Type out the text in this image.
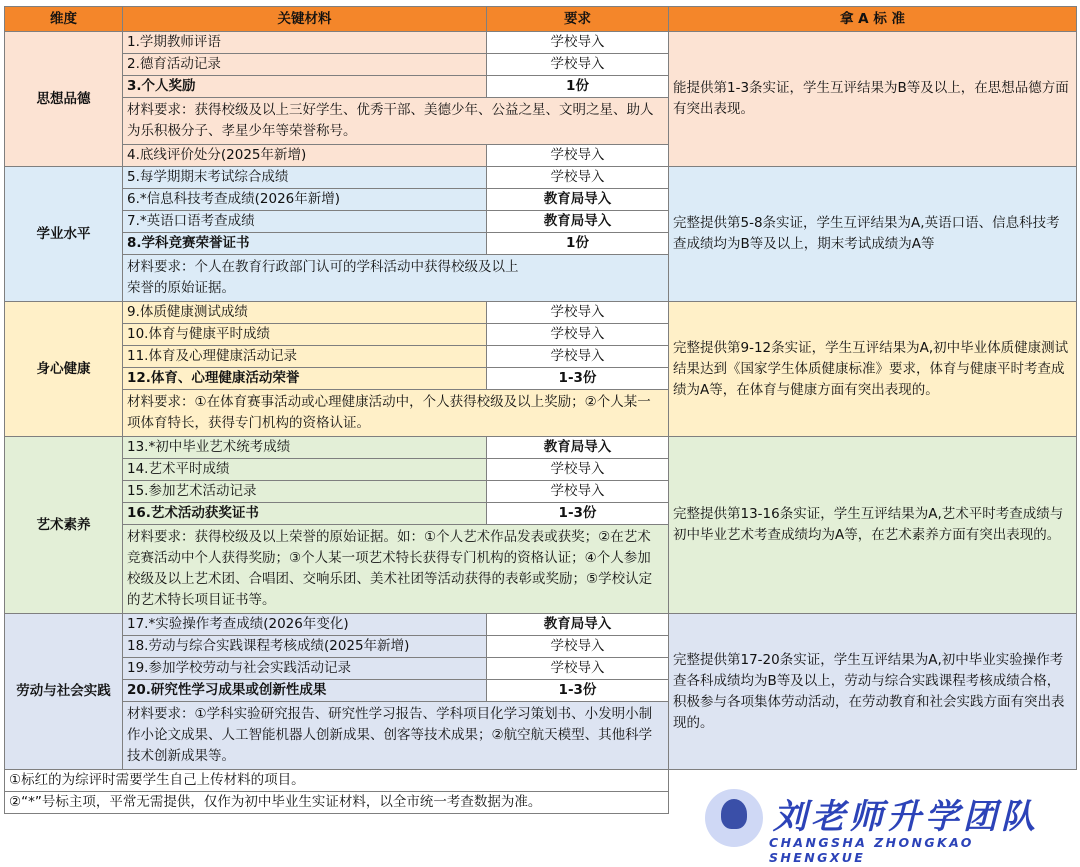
维度	关键材料	要求	拿 A 标 准
思想品德	1.学期教师评语	学校导入	能提供第1-3条实证，学生互评结果为B等及以上，在思想品德方面有突出表现。
	2.德育活动记录	学校导入	
	3.个人奖励	1份	
	材料要求：获得校级及以上三好学生、优秀干部、美德少年、公益之星、文明之星、助人为乐积极分子、孝星少年等荣誉称号。		
	4.底线评价处分(2025年新增)	学校导入	

学业水平	5.每学期期末考试综合成绩	学校导入	完整提供第5-8条实证，学生互评结果为A,英语口语、信息科技考查成绩均为B等及以上，期末考试成绩为A等
	6.*信息科技考查成绩(2026年新增)	教育局导入	
	7.*英语口语考查成绩	教育局导入	
	8.学科竞赛荣誉证书	1份	
	材料要求：个人在教育行政部门认可的学科活动中获得校级及以上荣誉的原始证据。		
身心健康	9.体质健康测试成绩	学校导入	完整提供第9-12条实证，学生互评结果为A,初中毕业体质健康测试结果达到《国家学生体质健康标准》要求，体育与健康平时考查成绩为A等，在体育与健康方面有突出表现的。
	10.体育与健康平时成绩	学校导入	
	11.体育及心理健康活动记录	学校导入	
	12.体育、心理健康活动荣誉	1-3份	
	材料要求：①在体育赛事活动或心理健康活动中，个人获得校级及以上奖励；②个人某一项体育特长，获得专门机构的资格认证。		
艺术素养	13.*初中毕业艺术统考成绩	教育局导入	完整提供第13-16条实证，学生互评结果为A,艺术平时考查成绩与初中毕业艺术考查成绩均为A等，在艺术素养方面有突出表现的。
	14.艺术平时成绩	学校导入	
	15.参加艺术活动记录	学校导入	
	16.艺术活动获奖证书	1-3份	
	材料要求：获得校级及以上荣誉的原始证据。如：①个人艺术作品发表或获奖；②在艺术竞赛活动中个人获得奖励；③个人某一项艺术特长获得专门机构的资格认证；④个人参加校级及以上艺术团、合唱团、交响乐团、美术社团等活动获得的表彰或奖励；⑤学校认定的艺术特长项目证书等。		
劳动与社会实践	17.*实验操作考查成绩(2026年变化)	教育局导入	完整提供第17-20条实证，学生互评结果为A,初中毕业实验操作考查各科成绩均为B等及以上，劳动与综合实践课程考核成绩合格，积极参与各项集体劳动活动，在劳动教育和社会实践方面有突出表现的。
	18.劳动与综合实践课程考核成绩(2025年新增)	学校导入	
	19.参加学校劳动与社会实践活动记录	学校导入	
	20.研究性学习成果或创新性成果	1-3份	
	材料要求：①学科实验研究报告、研究性学习报告、学科项目化学习策划书、小发明小制作小论文成果、人工智能机器人创新成果、创客等技术成果；②航空航天模型、其他科学技术创新成果等。		
①标红的为综评时需要学生自己上传材料的项目。			
②“*”号标主项，平常无需提供，仅作为初中毕业生实证材料，以全市统一考查数据为准。				刘老师升学团队
CHANGSHA ZHONGKAO SHENGXUE
